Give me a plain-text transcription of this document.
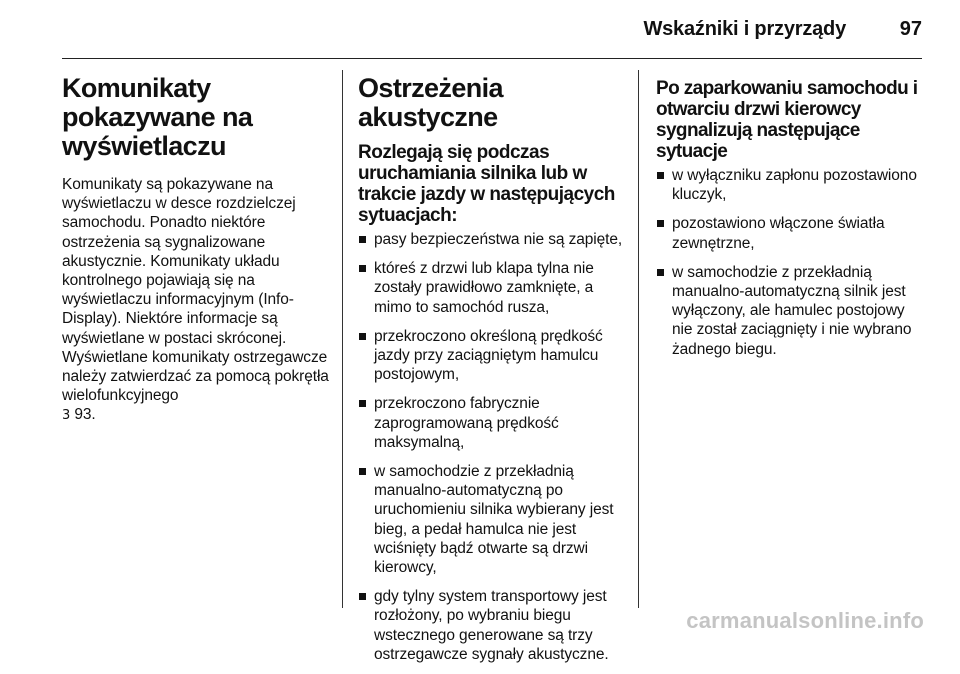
Wskaźniki i przyrządy	97
Komunikaty pokazywane na wyświetlaczu

Komunikaty są pokazywane na wyświetlaczu w desce rozdzielczej samochodu. Ponadto niektóre ostrzeżenia są sygnalizowane akustycznie. Komunikaty układu kontrolnego pojawiają się na wyświetlaczu informacyjnym (Info-Display). Niektóre informacje są wyświetlane w postaci skróconej. Wyświetlane komunikaty ostrzegawcze należy zatwierdzać za pomocą pokrętła wielofunkcyjnego
3 93.

Ostrzeżenia akustyczne
Rozlegają się podczas uruchamiania silnika lub w trakcie jazdy w następujących sytuacjach:
pasy bezpieczeństwa nie są zapięte,
któreś z drzwi lub klapa tylna nie zostały prawidłowo zamknięte, a mimo to samochód rusza,
przekroczono określoną prędkość jazdy przy zaciągniętym hamulcu postojowym,
przekroczono fabrycznie zaprogramowaną prędkość maksymalną,
w samochodzie z przekładnią manualno-automatyczną po uruchomieniu silnika wybierany jest bieg, a pedał hamulca nie jest wciśnięty bądź otwarte są drzwi kierowcy,
gdy tylny system transportowy jest rozłożony, po wybraniu biegu wstecznego generowane są trzy ostrzegawcze sygnały akustyczne.
Po zaparkowaniu samochodu i otwarciu drzwi kierowcy sygnalizują następujące sytuacje
w wyłączniku zapłonu pozostawiono kluczyk,
pozostawiono włączone światła zewnętrzne,
w samochodzie z przekładnią manualno-automatyczną silnik jest wyłączony, ale hamulec postojowy nie został zaciągnięty i nie wybrano żadnego biegu.
carmanualsonline.info
